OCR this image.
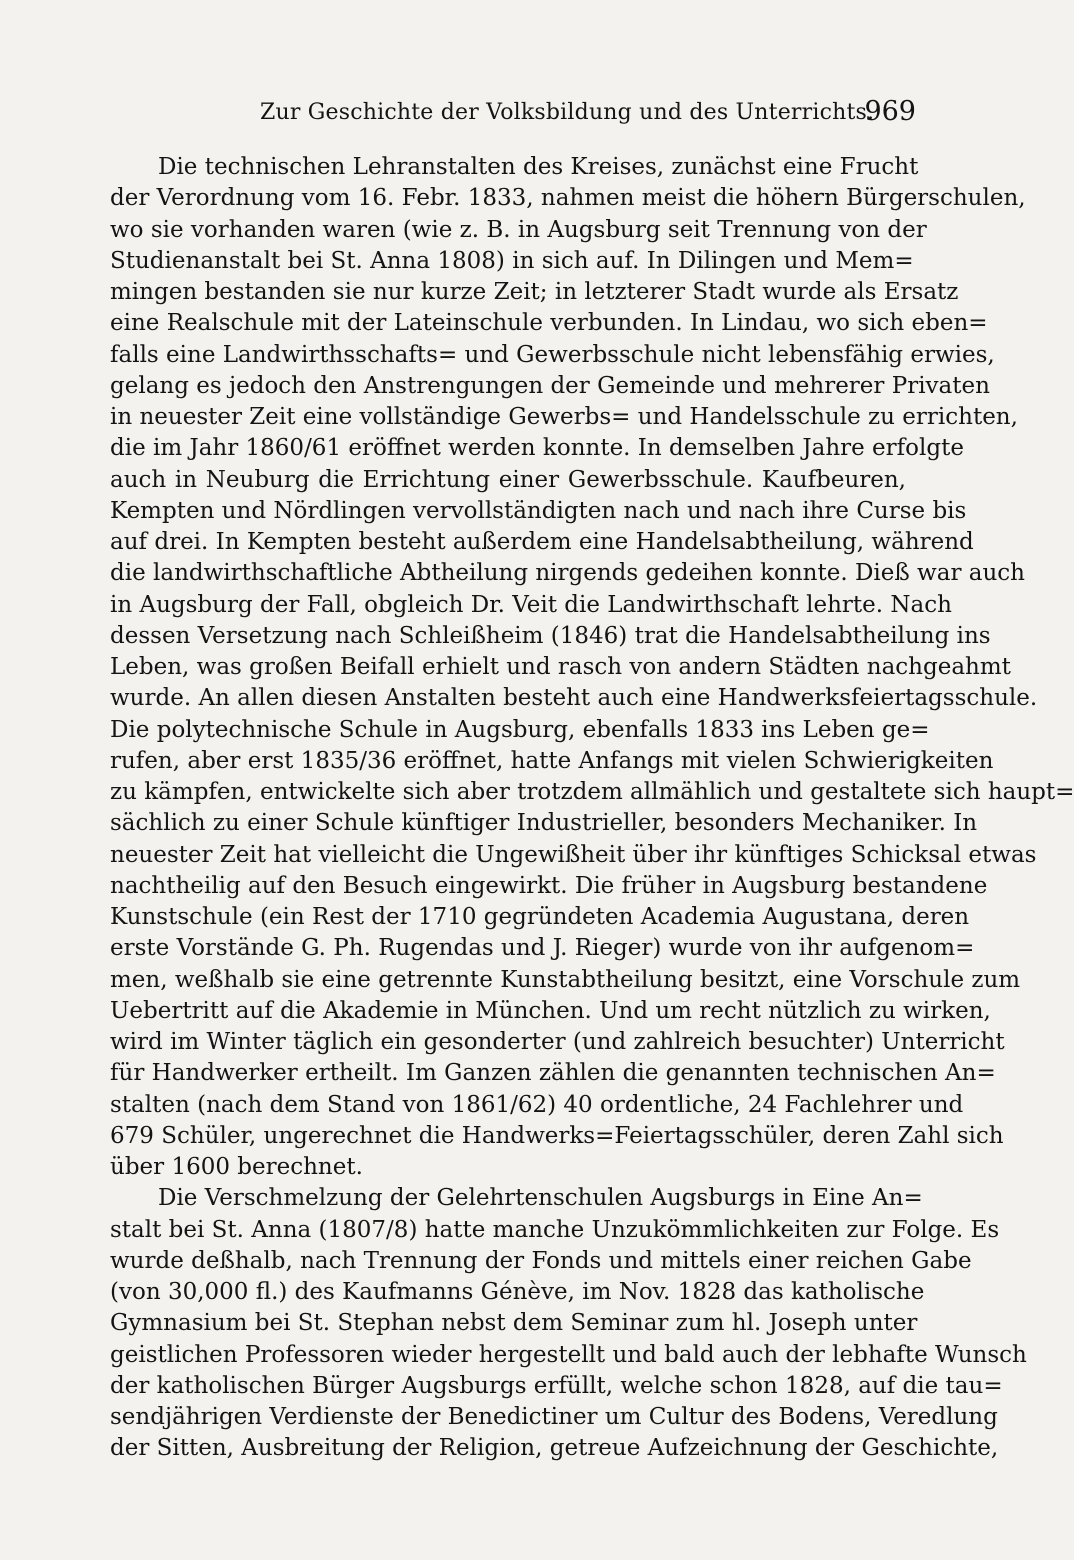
Zur Geschichte der Volksbildung und des Unterrichts.
969
Die technischen Lehranstalten des Kreises, zunächst eine Frucht
der Verordnung vom 16. Febr. 1833, nahmen meist die höhern Bürgerschulen,
wo sie vorhanden waren (wie z. B. in Augsburg seit Trennung von der
Studienanstalt bei St. Anna 1808) in sich auf. In Dilingen und Mem=
mingen bestanden sie nur kurze Zeit; in letzterer Stadt wurde als Ersatz
eine Realschule mit der Lateinschule verbunden. In Lindau, wo sich eben=
falls eine Landwirthsschafts= und Gewerbsschule nicht lebensfähig erwies,
gelang es jedoch den Anstrengungen der Gemeinde und mehrerer Privaten
in neuester Zeit eine vollständige Gewerbs= und Handelsschule zu errichten,
die im Jahr 1860/61 eröffnet werden konnte. In demselben Jahre erfolgte
auch in Neuburg die Errichtung einer Gewerbsschule. Kaufbeuren,
Kempten und Nördlingen vervollständigten nach und nach ihre Curse bis
auf drei. In Kempten besteht außerdem eine Handelsabtheilung, während
die landwirthschaftliche Abtheilung nirgends gedeihen konnte. Dieß war auch
in Augsburg der Fall, obgleich Dr. Veit die Landwirthschaft lehrte. Nach
dessen Versetzung nach Schleißheim (1846) trat die Handelsabtheilung ins
Leben, was großen Beifall erhielt und rasch von andern Städten nachgeahmt
wurde. An allen diesen Anstalten besteht auch eine Handwerksfeiertagsschule.
Die polytechnische Schule in Augsburg, ebenfalls 1833 ins Leben ge=
rufen, aber erst 1835/36 eröffnet, hatte Anfangs mit vielen Schwierigkeiten
zu kämpfen, entwickelte sich aber trotzdem allmählich und gestaltete sich haupt=
sächlich zu einer Schule künftiger Industrieller, besonders Mechaniker. In
neuester Zeit hat vielleicht die Ungewißheit über ihr künftiges Schicksal etwas
nachtheilig auf den Besuch eingewirkt. Die früher in Augsburg bestandene
Kunstschule (ein Rest der 1710 gegründeten Academia Augustana, deren
erste Vorstände G. Ph. Rugendas und J. Rieger) wurde von ihr aufgenom=
men, weßhalb sie eine getrennte Kunstabtheilung besitzt, eine Vorschule zum
Uebertritt auf die Akademie in München. Und um recht nützlich zu wirken,
wird im Winter täglich ein gesonderter (und zahlreich besuchter) Unterricht
für Handwerker ertheilt. Im Ganzen zählen die genannten technischen An=
stalten (nach dem Stand von 1861/62) 40 ordentliche, 24 Fachlehrer und
679 Schüler, ungerechnet die Handwerks=Feiertagsschüler, deren Zahl sich
über 1600 berechnet.
Die Verschmelzung der Gelehrtenschulen Augsburgs in Eine An=
stalt bei St. Anna (1807/8) hatte manche Unzukömmlichkeiten zur Folge. Es
wurde deßhalb, nach Trennung der Fonds und mittels einer reichen Gabe
(von 30,000 fl.) des Kaufmanns Génève, im Nov. 1828 das katholische
Gymnasium bei St. Stephan nebst dem Seminar zum hl. Joseph unter
geistlichen Professoren wieder hergestellt und bald auch der lebhafte Wunsch
der katholischen Bürger Augsburgs erfüllt, welche schon 1828, auf die tau=
sendjährigen Verdienste der Benedictiner um Cultur des Bodens, Veredlung
der Sitten, Ausbreitung der Religion, getreue Aufzeichnung der Geschichte,
